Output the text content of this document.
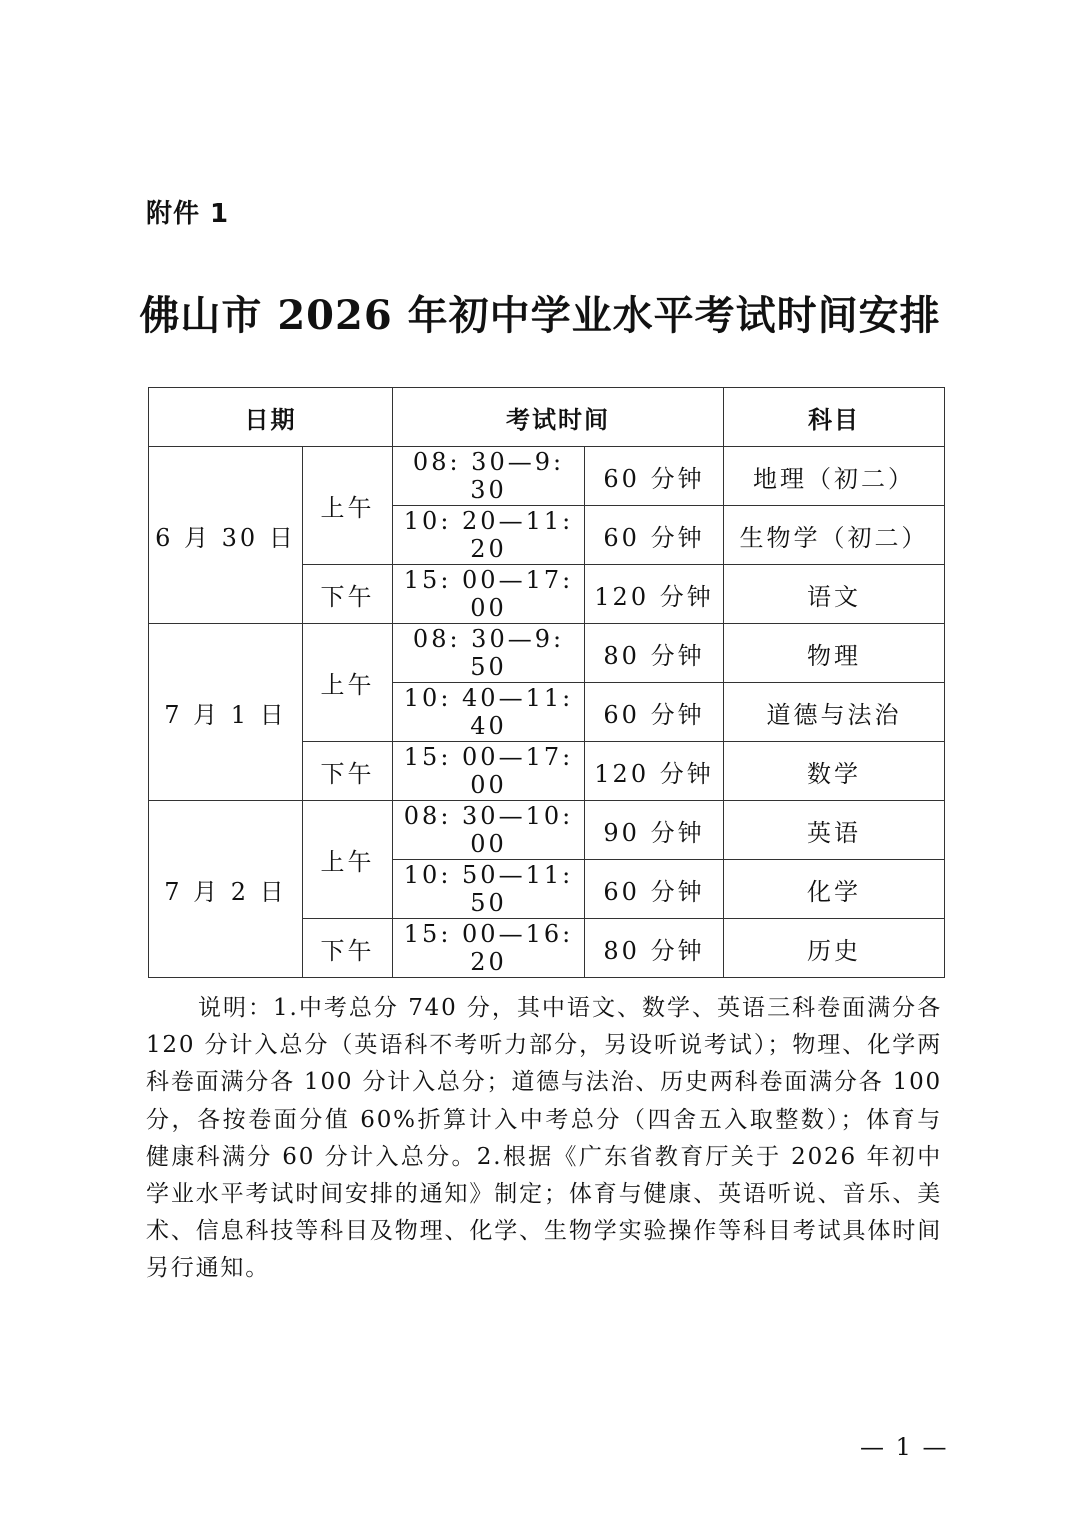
附件 1
佛山市 2026 年初中学业水平考试时间安排
日期		考试时间		科目
6 月 30 日	上午	08: 30—9: 30	60 分钟	地理（初二）
		10: 20—11: 20	60 分钟	生物学（初二）
	下午	15: 00—17: 00	120 分钟	语文
7 月 1 日	上午	08: 30—9: 50	80 分钟	物理
		10: 40—11: 40	60 分钟	道德与法治
	下午	15: 00—17: 00	120 分钟	数学
7 月 2 日	上午	08: 30—10: 00	90 分钟	英语
		10: 50—11: 50	60 分钟	化学
	下午	15: 00—16: 20	80 分钟	历史
说明：1.中考总分 740 分，其中语文、数学、英语三科卷面满分各 120 分计入总分（英语科不考听力部分，另设听说考试）；物理、化学两科卷面满分各 100 分计入总分；道德与法治、历史两科卷面满分各 100 分，各按卷面分值 60%折算计入中考总分（四舍五入取整数）；体育与健康科满分 60 分计入总分。2.根据《广东省教育厅关于 2026 年初中学业水平考试时间安排的通知》制定；体育与健康、英语听说、音乐、美术、信息科技等科目及物理、化学、生物学实验操作等科目考试具体时间另行通知。
— 1 —
